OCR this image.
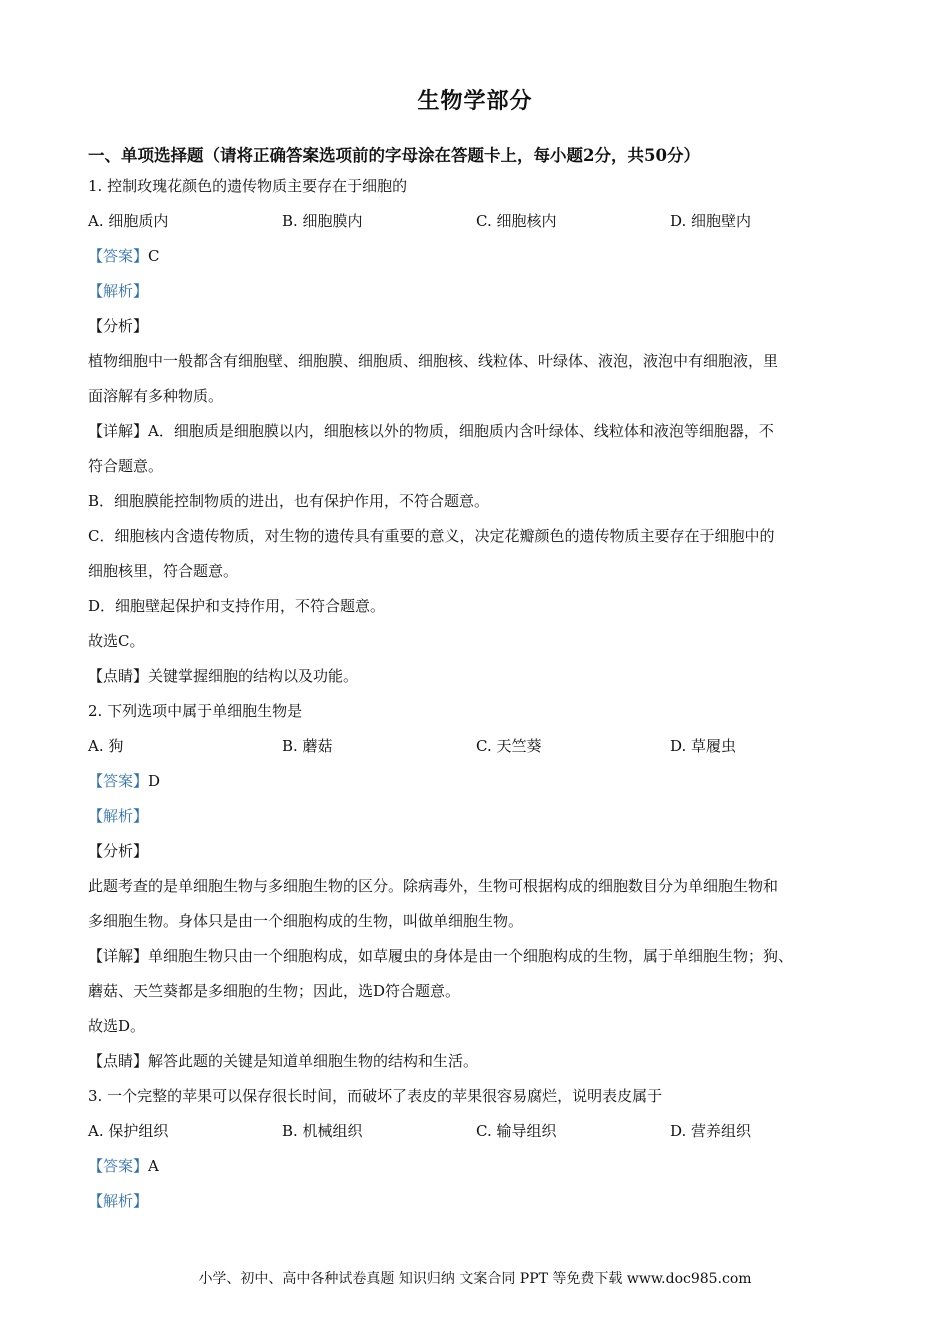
生物学部分
一、单项选择题（请将正确答案选项前的字母涂在答题卡上，每小题2分，共50分）
1. 控制玫瑰花颜色的遗传物质主要存在于细胞的
A. 细胞质内	B. 细胞膜内	C. 细胞核内	D. 细胞壁内
【答案】C
【解析】
【分析】
植物细胞中一般都含有细胞壁、细胞膜、细胞质、细胞核、线粒体、叶绿体、液泡，液泡中有细胞液，里
面溶解有多种物质。
【详解】A．细胞质是细胞膜以内，细胞核以外的物质，细胞质内含叶绿体、线粒体和液泡等细胞器，不
符合题意。
B．细胞膜能控制物质的进出，也有保护作用，不符合题意。
C．细胞核内含遗传物质，对生物的遗传具有重要的意义，决定花瓣颜色的遗传物质主要存在于细胞中的
细胞核里，符合题意。
D．细胞壁起保护和支持作用，不符合题意。
故选C。
【点睛】关键掌握细胞的结构以及功能。
2. 下列选项中属于单细胞生物是
A. 狗	B. 蘑菇	C. 天竺葵	D. 草履虫
【答案】D
【解析】
【分析】
此题考查的是单细胞生物与多细胞生物的区分。除病毒外，生物可根据构成的细胞数目分为单细胞生物和
多细胞生物。身体只是由一个细胞构成的生物，叫做单细胞生物。
【详解】单细胞生物只由一个细胞构成，如草履虫的身体是由一个细胞构成的生物，属于单细胞生物；狗、
蘑菇、天竺葵都是多细胞的生物；因此，选D符合题意。
故选D。
【点睛】解答此题的关键是知道单细胞生物的结构和生活。
3. 一个完整的苹果可以保存很长时间，而破坏了表皮的苹果很容易腐烂，说明表皮属于
A. 保护组织	B. 机械组织	C. 输导组织	D. 营养组织
【答案】A
【解析】
小学、初中、高中各种试卷真题 知识归纳 文案合同 PPT 等免费下载 www.doc985.com
